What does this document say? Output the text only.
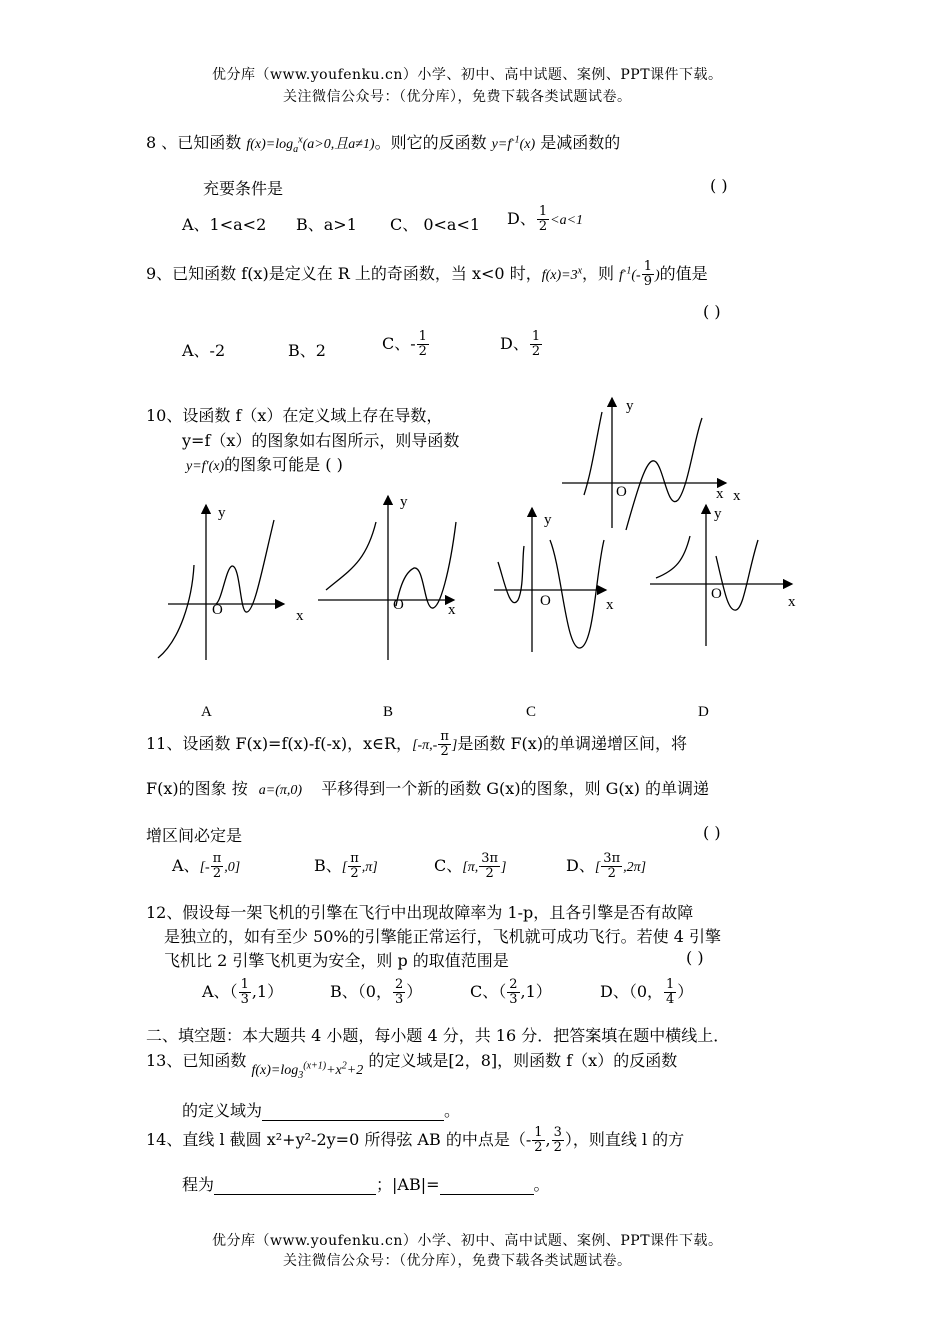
优分库（www.youfenku.cn）小学、初中、高中试题、案例、PPT课件下载。
关注微信公众号：（优分库），免费下载各类试题试卷。
8 、已知函数 $f(x)=\log_a^x(a>0$,且a≠1)。则它的反函数 $y=f^{-1}(x)$ 是减函数的
充要条件是	( )
A、1<a<2 B、a>1 C、 0<a<1 D、 $\frac{1}{2} <a<1$
9、已知函数 f(x)是定义在 R 上的奇函数，当 x<0 时，$f(x)=3^x$，则 $f^{-1}(- \frac{1}{9}$ )的值是
( )
A、-2	B、2	C、- $\frac{1}{2}$	D、 $\frac{1}{2}$
10、设函数 f（x）在定义域上存在导数，
y=f（x）的图象如右图所示，则导函数
y=f′(x)的图象可能是 ( )
y
x x
O
y
x
O
y
x
O
y
x
O
y
x
O
A	B	C	D
11、设函数 F(x)=f(x)-f(-x)，x∈R，[$-\pi,- \frac{\pi}{2}$ ]是函数 F(x)的单调递增区间，将
F(x)的图象 按 a=(π,0) 平移得到一个新的函数 G(x)的图象，则 G(x) 的单调递
增区间必定是	( )
A、[- $\frac{\pi}{2} ,0$]	B、[ $\frac{\pi}{2} ,\pi$]	C、[π, $\frac{3\pi}{2}$ ]	D、[ $\frac{3\pi}{2} ,2\pi$]
12、假设每一架飞机的引擎在飞行中出现故障率为 1-p，且各引擎是否有故障
是独立的，如有至少 50%的引擎能正常运行，飞机就可成功飞行。若使 4 引擎
飞机比 2 引擎飞机更为安全，则 p 的取值范围是	( )
A、（ $\frac{1}{3} ,1$）	B、（0， $\frac{2}{3}$ ）	C、（ $\frac{2}{3} ,1$）	D、（0， $\frac{1}{4}$ ）
二、填空题：本大题共 4 小题，每小题 4 分，共 16 分．把答案填在题中横线上．
13、已知函数 $f(x)=\log_3^{(x+1)}+x^2+2$ 的定义域是[2，8]，则函数 f（x）的反函数
的定义域为	。
14、直线 l 截圆 x²+y²-2y=0 所得弦 AB 的中点是（- $\frac{1}{2}$ , $\frac{3}{2}$ ），则直线 l 的方
程为	；|AB|=	。
优分库（www.youfenku.cn）小学、初中、高中试题、案例、PPT课件下载。
关注微信公众号：（优分库），免费下载各类试题试卷。
